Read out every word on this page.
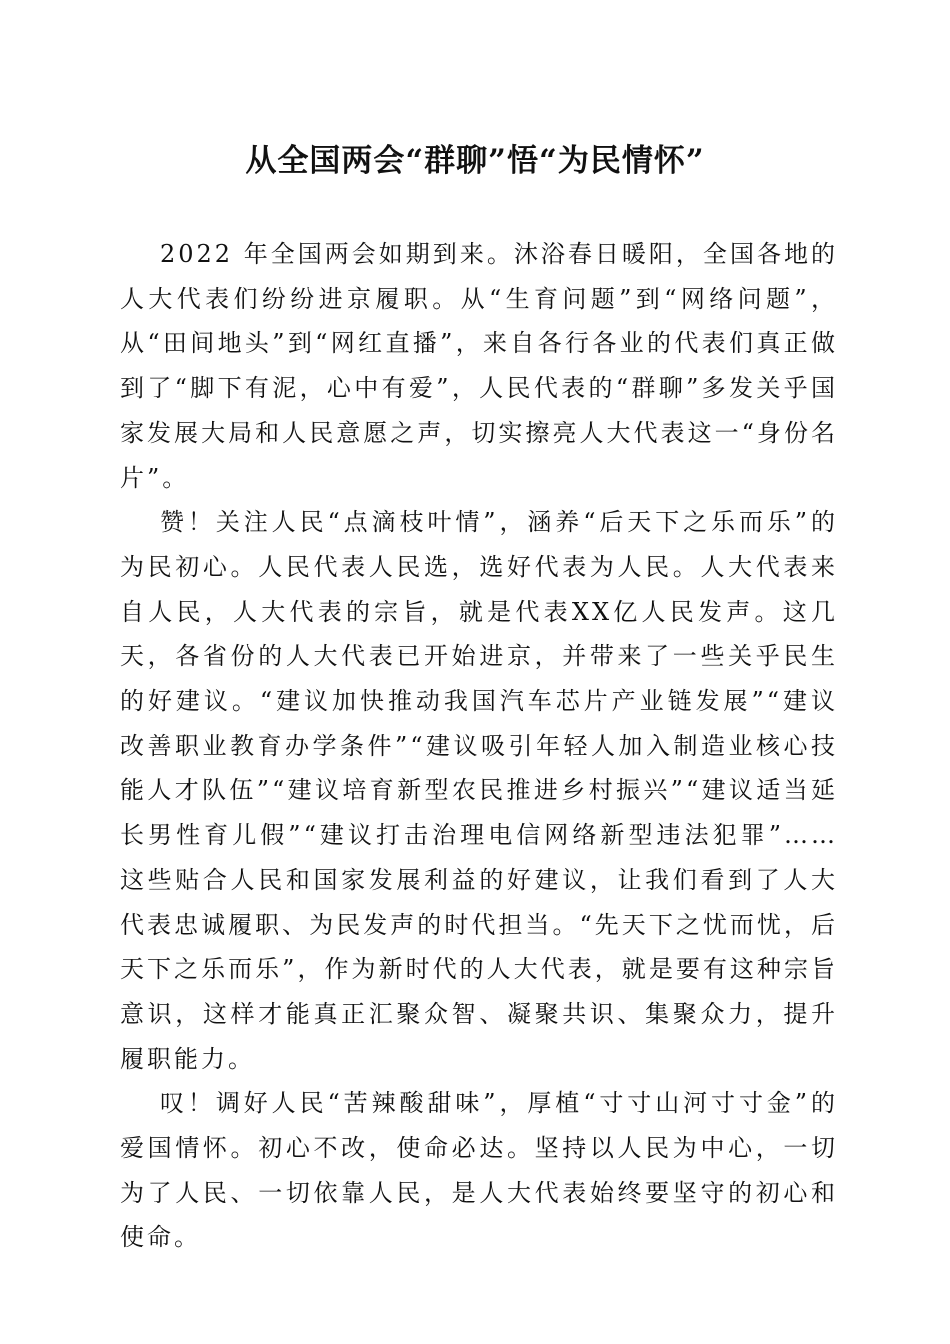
从全国两会“群聊”悟“为民情怀”

2022 年全国两会如期到来。沐浴春日暖阳，全国各地的人大代表们纷纷进京履职。从“生育问题”到“网络问题”，从“田间地头”到“网红直播”，来自各行各业的代表们真正做到了“脚下有泥，心中有爱”，人民代表的“群聊”多发关乎国家发展大局和人民意愿之声，切实擦亮人大代表这一“身份名片”。

赞！关注人民“点滴枝叶情”，涵养“后天下之乐而乐”的为民初心。人民代表人民选，选好代表为人民。人大代表来自人民，人大代表的宗旨，就是代表XX亿人民发声。这几天，各省份的人大代表已开始进京，并带来了一些关乎民生的好建议。“建议加快推动我国汽车芯片产业链发展”“建议改善职业教育办学条件”“建议吸引年轻人加入制造业核心技能人才队伍”“建议培育新型农民推进乡村振兴”“建议适当延长男性育儿假”“建议打击治理电信网络新型违法犯罪”……这些贴合人民和国家发展利益的好建议，让我们看到了人大代表忠诚履职、为民发声的时代担当。“先天下之忧而忧，后天下之乐而乐”，作为新时代的人大代表，就是要有这种宗旨意识，这样才能真正汇聚众智、凝聚共识、集聚众力，提升履职能力。

叹！调好人民“苦辣酸甜味”，厚植“寸寸山河寸寸金”的爱国情怀。初心不改，使命必达。坚持以人民为中心，一切为了人民、一切依靠人民，是人大代表始终要坚守的初心和使命。
